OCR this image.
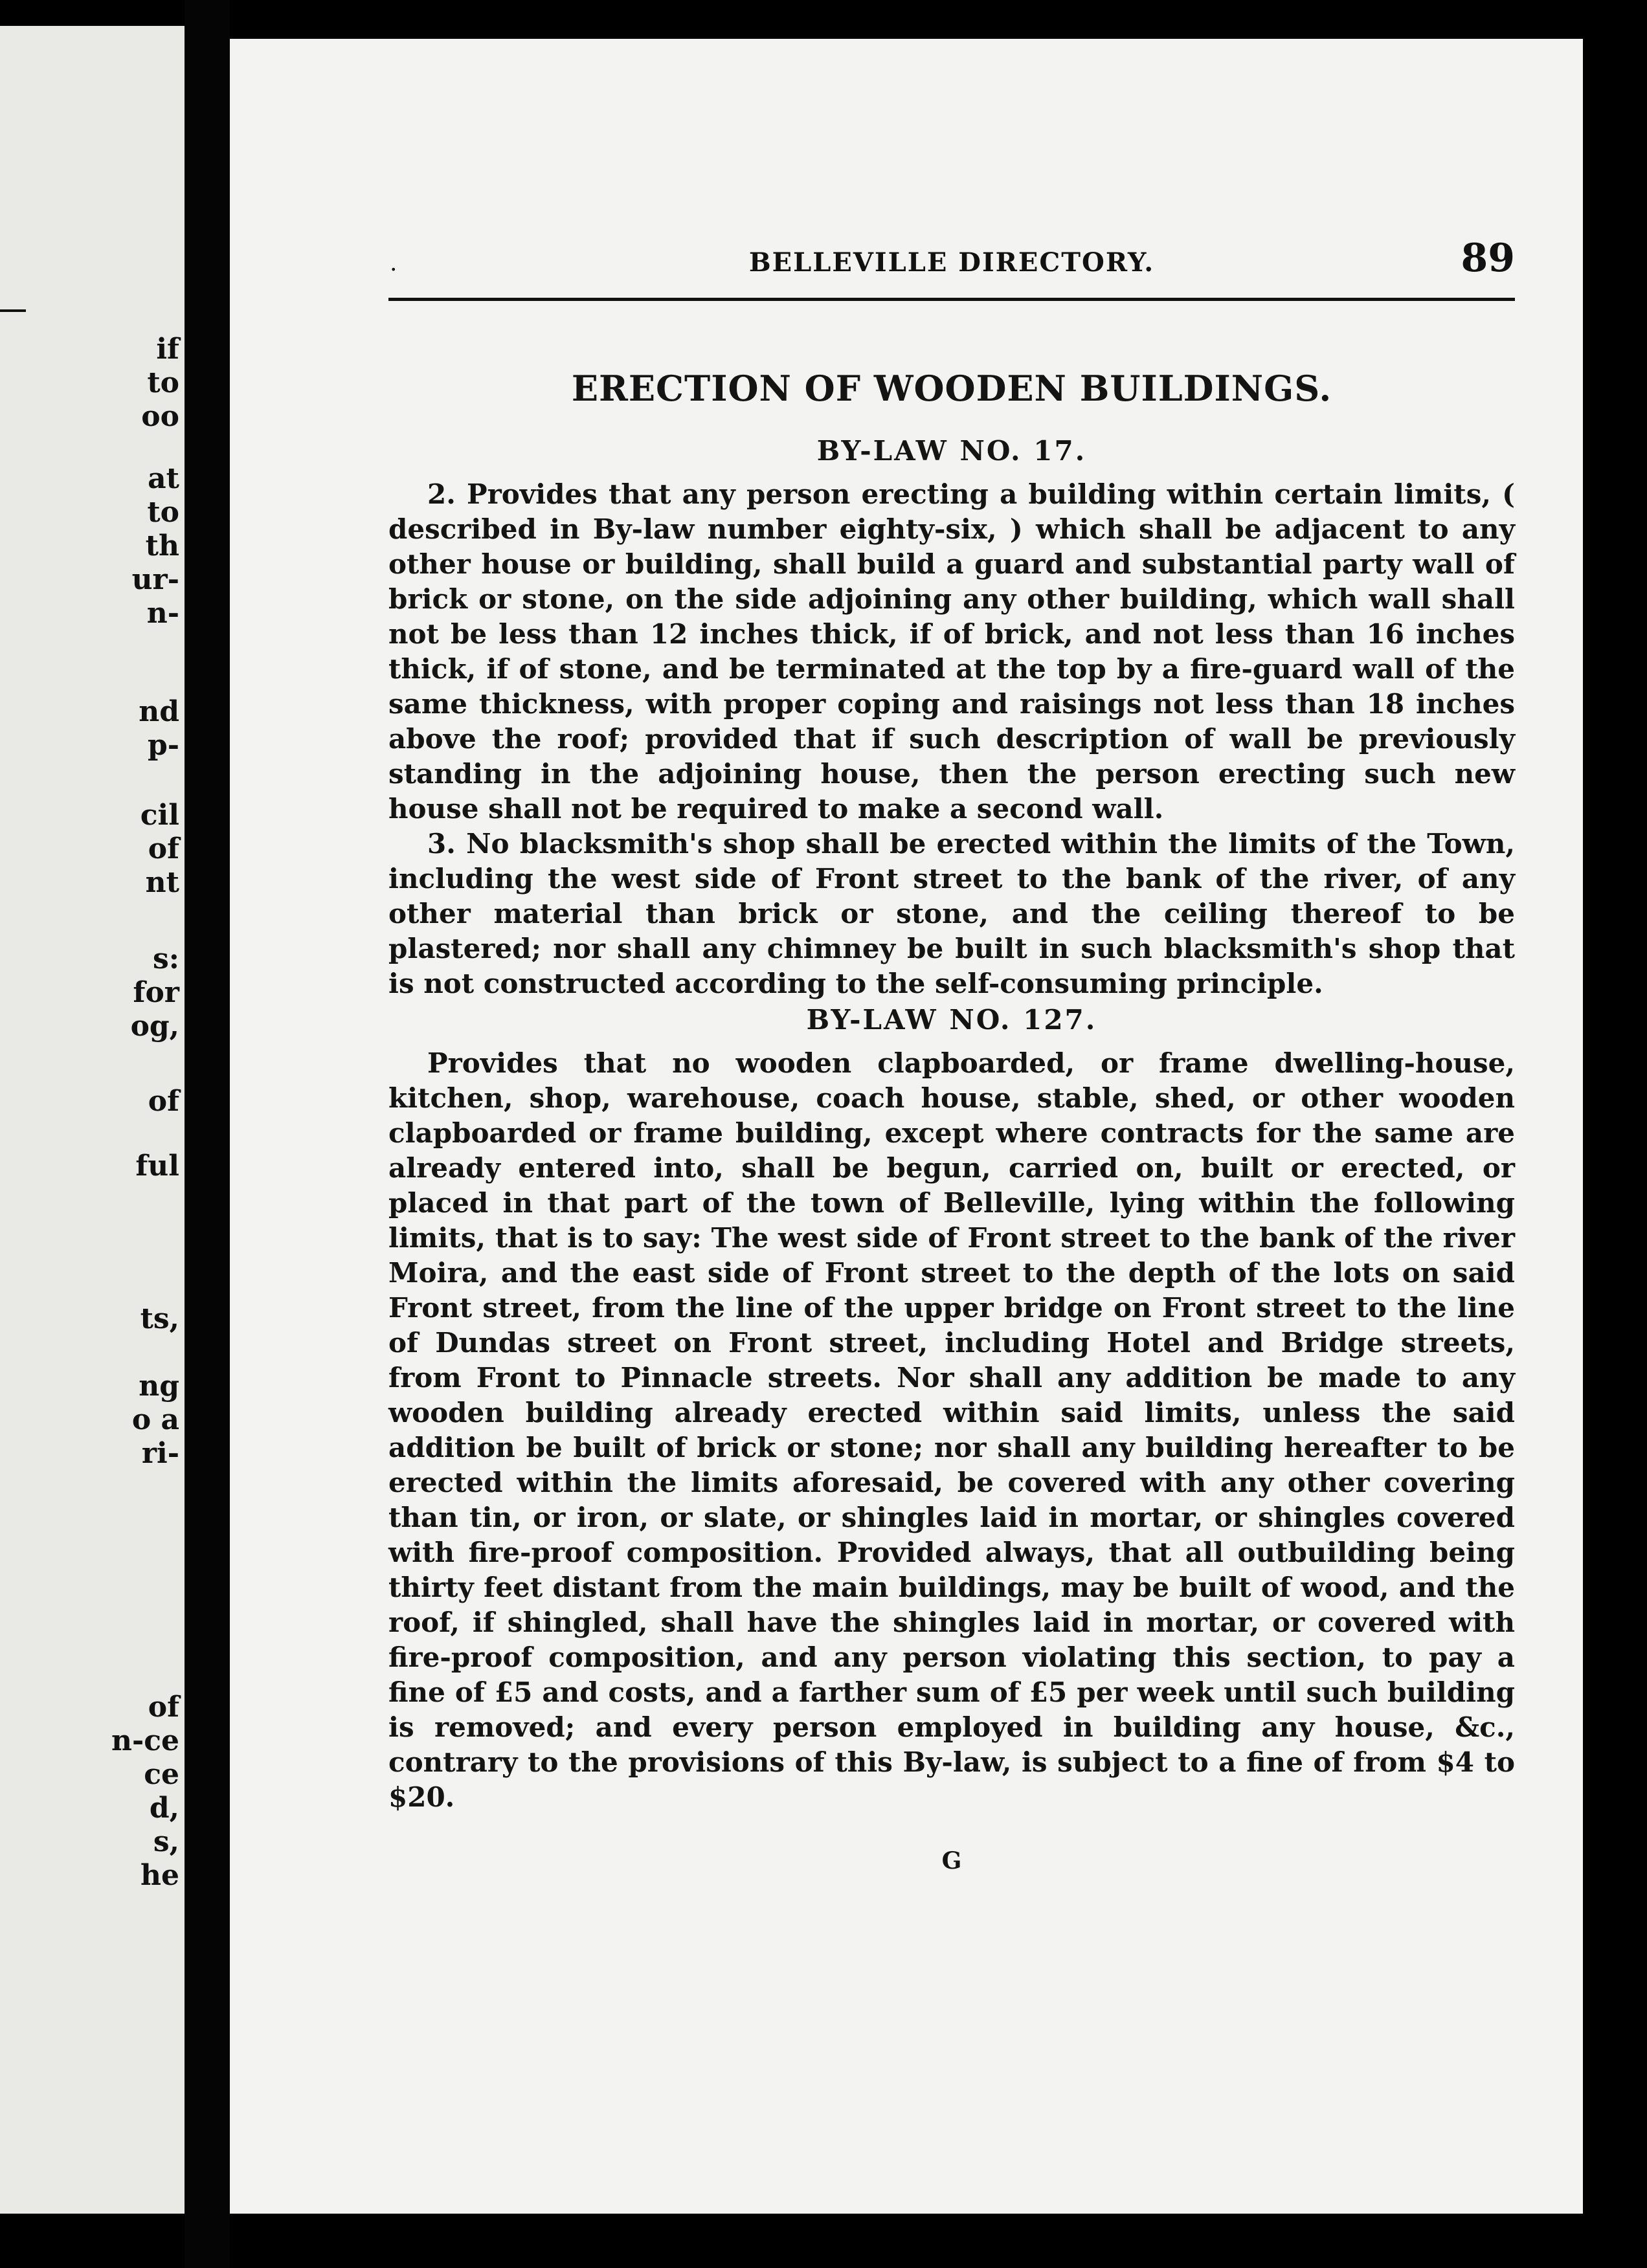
if
to
oo
at
to
th
ur-
n-
nd
p-
cil
of
nt
s:
for
og,
of
ful
ts,
ng
o a
ri-
of
n-ce
ce
d,
s,
he
.	BELLEVILLE DIRECTORY.	89
ERECTION OF WOODEN BUILDINGS.
BY-LAW NO. 17.

2. Provides that any person erecting a building within certain limits, ( described in By-law number eighty-six, ) which shall be adjacent to any other house or building, shall build a guard and substantial party wall of brick or stone, on the side adjoining any other building, which wall shall not be less than 12 inches thick, if of brick, and not less than 16 inches thick, if of stone, and be terminated at the top by a fire-guard wall of the same thickness, with proper coping and raisings not less than 18 inches above the roof; provided that if such description of wall be previously standing in the adjoining house, then the person erecting such new house shall not be required to make a second wall.

3. No blacksmith's shop shall be erected within the limits of the Town, including the west side of Front street to the bank of the river, of any other material than brick or stone, and the ceiling thereof to be plastered; nor shall any chimney be built in such blacksmith's shop that is not constructed according to the self-consuming principle.

BY-LAW NO. 127.

Provides that no wooden clapboarded, or frame dwelling-house, kitchen, shop, warehouse, coach house, stable, shed, or other wooden clapboarded or frame building, except where contracts for the same are already entered into, shall be begun, carried on, built or erected, or placed in that part of the town of Belleville, lying within the following limits, that is to say: The west side of Front street to the bank of the river Moira, and the east side of Front street to the depth of the lots on said Front street, from the line of the upper bridge on Front street to the line of Dundas street on Front street, including Hotel and Bridge streets, from Front to Pinnacle streets. Nor shall any addition be made to any wooden building already erected within said limits, unless the said addition be built of brick or stone; nor shall any building hereafter to be erected within the limits aforesaid, be covered with any other covering than tin, or iron, or slate, or shingles laid in mortar, or shingles covered with fire-proof composition. Provided always, that all outbuilding being thirty feet distant from the main buildings, may be built of wood, and the roof, if shingled, shall have the shingles laid in mortar, or covered with fire-proof composition, and any person violating this section, to pay a fine of £5 and costs, and a farther sum of £5 per week until such building is removed; and every person employed in building any house, &c., contrary to the provisions of this By-law, is subject to a fine of from $4 to $20.

G
